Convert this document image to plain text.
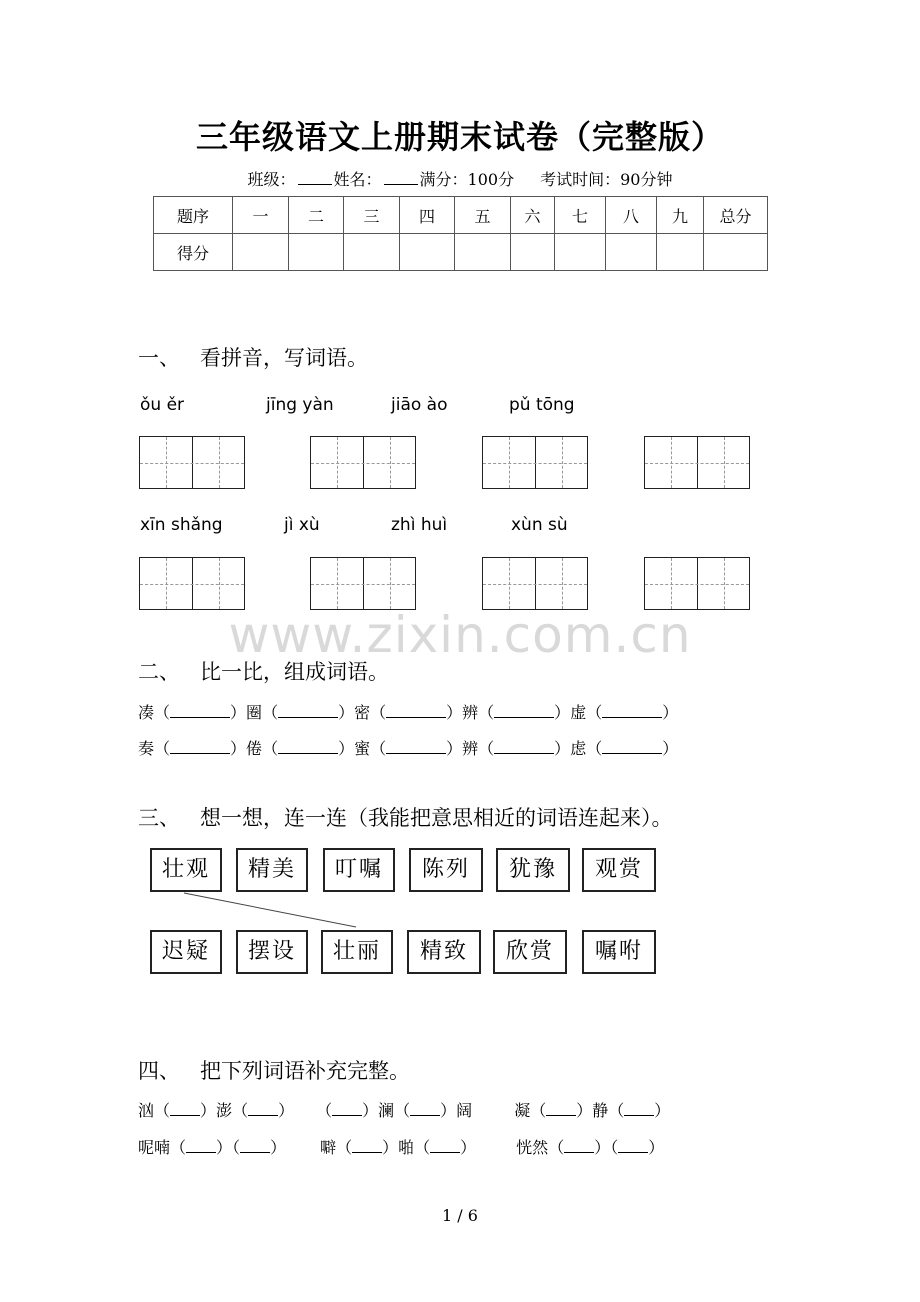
三年级语文上册期末试卷（完整版）
班级： 姓名： 满分：100分 考试时间：90分钟
题序	一	二	三	四	五	六	七	八	九	总分
得分										
一、 看拼音，写词语。
ǒu ěr	jīng yàn	jiāo ào	pǔ tōng
xīn shǎng	jì xù	zhì huì	xùn sù
www.zixin.com.cn
二、 比一比，组成词语。
凑（	）圈（	）密（	）辨（	）虚（	）
奏（	）倦（	）蜜（	）辨（	）虑（	）
三、 想一想，连一连（我能把意思相近的词语连起来）。
壮观	精美	叮嘱	陈列	犹豫	观赏
迟疑	摆设	壮丽	精致	欣赏	嘱咐
四、 把下列词语补充完整。
汹（ ）澎（ ） （ ）澜（ ）阔	凝（ ）静（ ）
呢喃（ ）（ ） 噼（ ）啪（ ）	恍然（ ）（ ）
1 / 6
